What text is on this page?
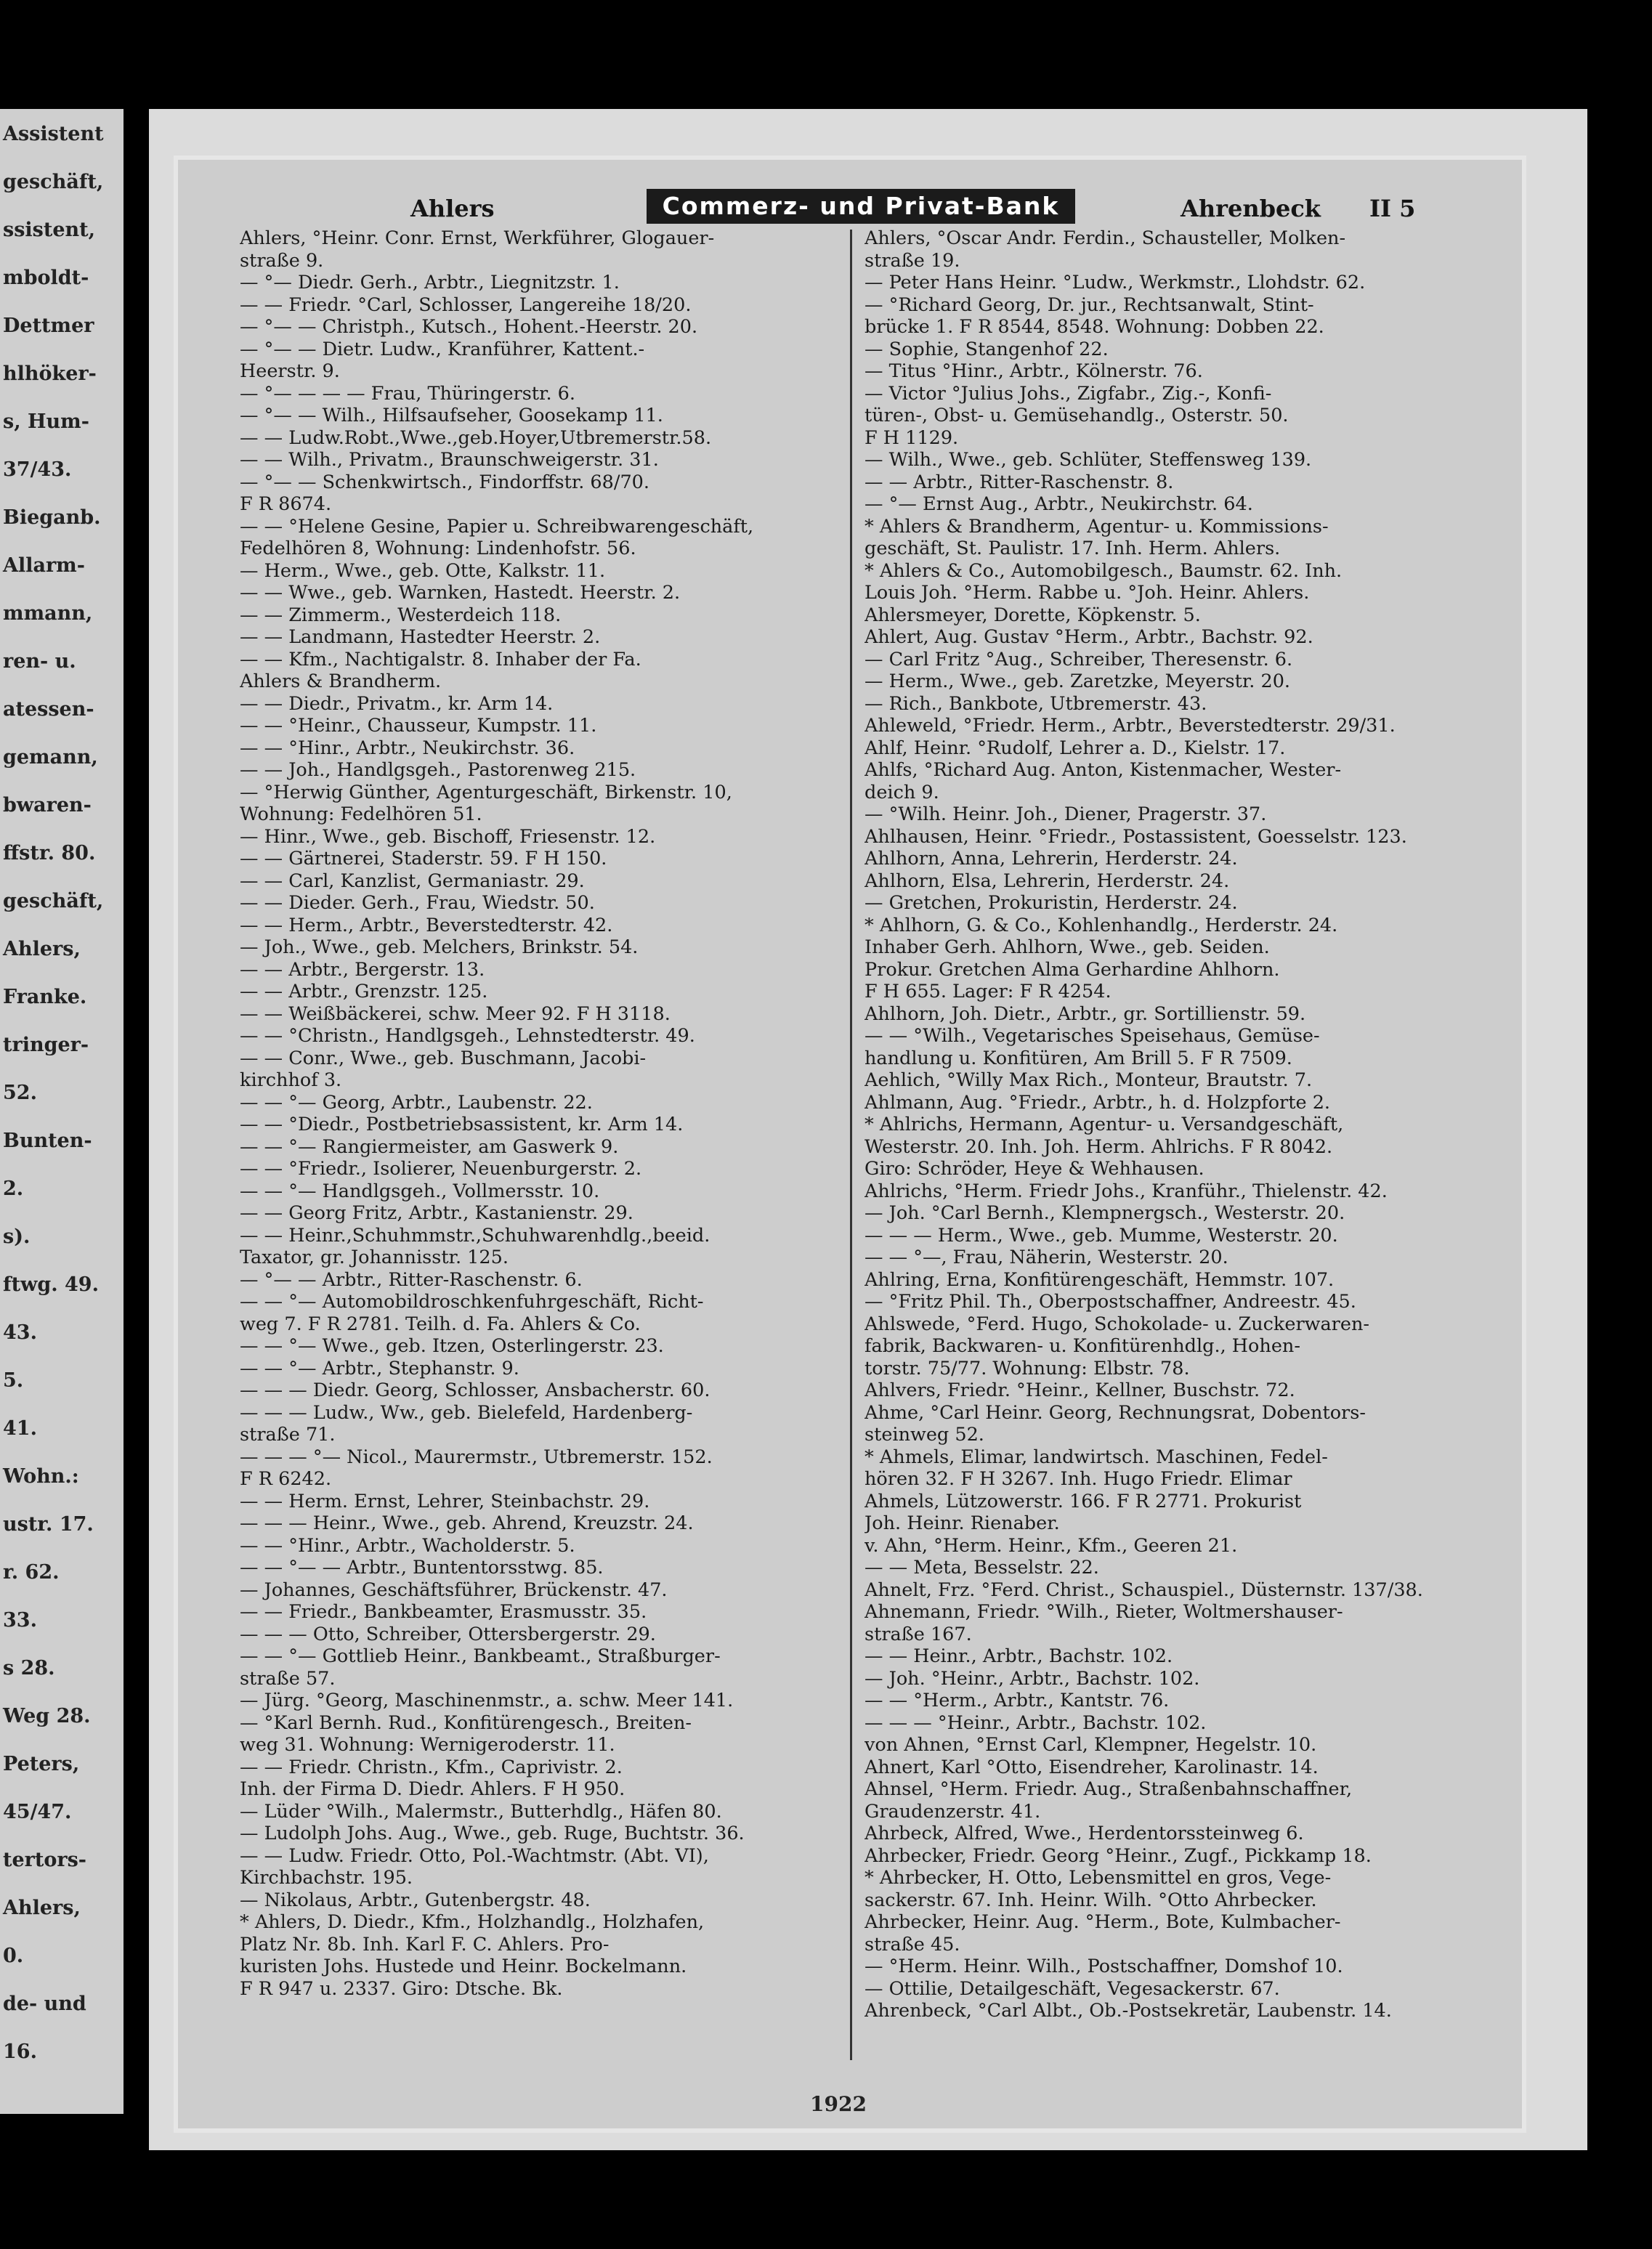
Assistent
geschäft,
ssistent,
mboldt-
Dettmer
hlhöker-
s, Hum-
37/43.
Bieganb.
Allarm-
mmann,
ren- u.
atessen-
gemann,
bwaren-
ffstr. 80.
geschäft,
Ahlers,
Franke.
tringer-
52.
Bunten-
2.
s).
ftwg. 49.
43.
5.
41.
Wohn.:
ustr. 17.
r. 62.
33.
s 28.
Weg 28.
Peters,
45/47.
tertors-
Ahlers,
0.
de- und
16.
Ahlers	Commerz- und Privat-Bank	Ahrenbeck II 5
Ahlers, °Heinr. Conr. Ernst, Werkführer, Glogauer-
straße 9.
— °— Diedr. Gerh., Arbtr., Liegnitzstr. 1.
— — Friedr. °Carl, Schlosser, Langereihe 18/20.
— °— — Christph., Kutsch., Hohent.-Heerstr. 20.
— °— — Dietr. Ludw., Kranführer, Kattent.-
Heerstr. 9.
— °— — — — Frau, Thüringerstr. 6.
— °— — Wilh., Hilfsaufseher, Goosekamp 11.
— — Ludw.Robt.,Wwe.,geb.Hoyer,Utbremerstr.58.
— — Wilh., Privatm., Braunschweigerstr. 31.
— °— — Schenkwirtsch., Findorffstr. 68/70.
F R 8674.
— — °Helene Gesine, Papier u. Schreibwarengeschäft,
Fedelhören 8, Wohnung: Lindenhofstr. 56.
— Herm., Wwe., geb. Otte, Kalkstr. 11.
— — Wwe., geb. Warnken, Hastedt. Heerstr. 2.
— — Zimmerm., Westerdeich 118.
— — Landmann, Hastedter Heerstr. 2.
— — Kfm., Nachtigalstr. 8. Inhaber der Fa.
Ahlers & Brandherm.
— — Diedr., Privatm., kr. Arm 14.
— — °Heinr., Chausseur, Kumpstr. 11.
— — °Hinr., Arbtr., Neukirchstr. 36.
— — Joh., Handlgsgeh., Pastorenweg 215.
— °Herwig Günther, Agenturgeschäft, Birkenstr. 10,
Wohnung: Fedelhören 51.
— Hinr., Wwe., geb. Bischoff, Friesenstr. 12.
— — Gärtnerei, Staderstr. 59. F H 150.
— — Carl, Kanzlist, Germaniastr. 29.
— — Dieder. Gerh., Frau, Wiedstr. 50.
— — Herm., Arbtr., Beverstedterstr. 42.
— Joh., Wwe., geb. Melchers, Brinkstr. 54.
— — Arbtr., Bergerstr. 13.
— — Arbtr., Grenzstr. 125.
— — Weißbäckerei, schw. Meer 92. F H 3118.
— — °Christn., Handlgsgeh., Lehnstedterstr. 49.
— — Conr., Wwe., geb. Buschmann, Jacobi-
kirchhof 3.
— — °— Georg, Arbtr., Laubenstr. 22.
— — °Diedr., Postbetriebsassistent, kr. Arm 14.
— — °— Rangiermeister, am Gaswerk 9.
— — °Friedr., Isolierer, Neuenburgerstr. 2.
— — °— Handlgsgeh., Vollmersstr. 10.
— — Georg Fritz, Arbtr., Kastanienstr. 29.
— — Heinr.,Schuhmmstr.,Schuhwarenhdlg.,beeid.
Taxator, gr. Johannisstr. 125.
— °— — Arbtr., Ritter-Raschenstr. 6.
— — °— Automobildroschkenfuhrgeschäft, Richt-
weg 7. F R 2781. Teilh. d. Fa. Ahlers & Co.
— — °— Wwe., geb. Itzen, Osterlingerstr. 23.
— — °— Arbtr., Stephanstr. 9.
— — — Diedr. Georg, Schlosser, Ansbacherstr. 60.
— — — Ludw., Ww., geb. Bielefeld, Hardenberg-
straße 71.
— — — °— Nicol., Maurermstr., Utbremerstr. 152.
F R 6242.
— — Herm. Ernst, Lehrer, Steinbachstr. 29.
— — — Heinr., Wwe., geb. Ahrend, Kreuzstr. 24.
— — °Hinr., Arbtr., Wacholderstr. 5.
— — °— — Arbtr., Buntentorsstwg. 85.
— Johannes, Geschäftsführer, Brückenstr. 47.
— — Friedr., Bankbeamter, Erasmusstr. 35.
— — — Otto, Schreiber, Ottersbergerstr. 29.
— — °— Gottlieb Heinr., Bankbeamt., Straßburger-
straße 57.
— Jürg. °Georg, Maschinenmstr., a. schw. Meer 141.
— °Karl Bernh. Rud., Konfitürengesch., Breiten-
weg 31. Wohnung: Wernigeroderstr. 11.
— — Friedr. Christn., Kfm., Caprivistr. 2.
Inh. der Firma D. Diedr. Ahlers. F H 950.
— Lüder °Wilh., Malermstr., Butterhdlg., Häfen 80.
— Ludolph Johs. Aug., Wwe., geb. Ruge, Buchtstr. 36.
— — Ludw. Friedr. Otto, Pol.-Wachtmstr. (Abt. VI),
Kirchbachstr. 195.
— Nikolaus, Arbtr., Gutenbergstr. 48.
* Ahlers, D. Diedr., Kfm., Holzhandlg., Holzhafen,
Platz Nr. 8b. Inh. Karl F. C. Ahlers. Pro-
kuristen Johs. Hustede und Heinr. Bockelmann.
F R 947 u. 2337. Giro: Dtsche. Bk.
Ahlers, °Oscar Andr. Ferdin., Schausteller, Molken-
straße 19.
— Peter Hans Heinr. °Ludw., Werkmstr., Llohdstr. 62.
— °Richard Georg, Dr. jur., Rechtsanwalt, Stint-
brücke 1. F R 8544, 8548. Wohnung: Dobben 22.
— Sophie, Stangenhof 22.
— Titus °Hinr., Arbtr., Kölnerstr. 76.
— Victor °Julius Johs., Zigfabr., Zig.-, Konfi-
türen-, Obst- u. Gemüsehandlg., Osterstr. 50.
F H 1129.
— Wilh., Wwe., geb. Schlüter, Steffensweg 139.
— — Arbtr., Ritter-Raschenstr. 8.
— °— Ernst Aug., Arbtr., Neukirchstr. 64.
* Ahlers & Brandherm, Agentur- u. Kommissions-
geschäft, St. Paulistr. 17. Inh. Herm. Ahlers.
* Ahlers & Co., Automobilgesch., Baumstr. 62. Inh.
Louis Joh. °Herm. Rabbe u. °Joh. Heinr. Ahlers.
Ahlersmeyer, Dorette, Köpkenstr. 5.
Ahlert, Aug. Gustav °Herm., Arbtr., Bachstr. 92.
— Carl Fritz °Aug., Schreiber, Theresenstr. 6.
— Herm., Wwe., geb. Zaretzke, Meyerstr. 20.
— Rich., Bankbote, Utbremerstr. 43.
Ahleweld, °Friedr. Herm., Arbtr., Beverstedterstr. 29/31.
Ahlf, Heinr. °Rudolf, Lehrer a. D., Kielstr. 17.
Ahlfs, °Richard Aug. Anton, Kistenmacher, Wester-
deich 9.
— °Wilh. Heinr. Joh., Diener, Pragerstr. 37.
Ahlhausen, Heinr. °Friedr., Postassistent, Goesselstr. 123.
Ahlhorn, Anna, Lehrerin, Herderstr. 24.
Ahlhorn, Elsa, Lehrerin, Herderstr. 24.
— Gretchen, Prokuristin, Herderstr. 24.
* Ahlhorn, G. & Co., Kohlenhandlg., Herderstr. 24.
Inhaber Gerh. Ahlhorn, Wwe., geb. Seiden.
Prokur. Gretchen Alma Gerhardine Ahlhorn.
F H 655. Lager: F R 4254.
Ahlhorn, Joh. Dietr., Arbtr., gr. Sortillienstr. 59.
— — °Wilh., Vegetarisches Speisehaus, Gemüse-
handlung u. Konfitüren, Am Brill 5. F R 7509.
Aehlich, °Willy Max Rich., Monteur, Brautstr. 7.
Ahlmann, Aug. °Friedr., Arbtr., h. d. Holzpforte 2.
* Ahlrichs, Hermann, Agentur- u. Versandgeschäft,
Westerstr. 20. Inh. Joh. Herm. Ahlrichs. F R 8042.
Giro: Schröder, Heye & Wehhausen.
Ahlrichs, °Herm. Friedr Johs., Kranführ., Thielenstr. 42.
— Joh. °Carl Bernh., Klempnergsch., Westerstr. 20.
— — — Herm., Wwe., geb. Mumme, Westerstr. 20.
— — °—, Frau, Näherin, Westerstr. 20.
Ahlring, Erna, Konfitürengeschäft, Hemmstr. 107.
— °Fritz Phil. Th., Oberpostschaffner, Andreestr. 45.
Ahlswede, °Ferd. Hugo, Schokolade- u. Zuckerwaren-
fabrik, Backwaren- u. Konfitürenhdlg., Hohen-
torstr. 75/77. Wohnung: Elbstr. 78.
Ahlvers, Friedr. °Heinr., Kellner, Buschstr. 72.
Ahme, °Carl Heinr. Georg, Rechnungsrat, Dobentors-
steinweg 52.
* Ahmels, Elimar, landwirtsch. Maschinen, Fedel-
hören 32. F H 3267. Inh. Hugo Friedr. Elimar
Ahmels, Lützowerstr. 166. F R 2771. Prokurist
Joh. Heinr. Rienaber.
v. Ahn, °Herm. Heinr., Kfm., Geeren 21.
— — Meta, Besselstr. 22.
Ahnelt, Frz. °Ferd. Christ., Schauspiel., Düsternstr. 137/38.
Ahnemann, Friedr. °Wilh., Rieter, Woltmershauser-
straße 167.
— — Heinr., Arbtr., Bachstr. 102.
— Joh. °Heinr., Arbtr., Bachstr. 102.
— — °Herm., Arbtr., Kantstr. 76.
— — — °Heinr., Arbtr., Bachstr. 102.
von Ahnen, °Ernst Carl, Klempner, Hegelstr. 10.
Ahnert, Karl °Otto, Eisendreher, Karolinastr. 14.
Ahnsel, °Herm. Friedr. Aug., Straßenbahnschaffner,
Graudenzerstr. 41.
Ahrbeck, Alfred, Wwe., Herdentorssteinweg 6.
Ahrbecker, Friedr. Georg °Heinr., Zugf., Pickkamp 18.
* Ahrbecker, H. Otto, Lebensmittel en gros, Vege-
sackerstr. 67. Inh. Heinr. Wilh. °Otto Ahrbecker.
Ahrbecker, Heinr. Aug. °Herm., Bote, Kulmbacher-
straße 45.
— °Herm. Heinr. Wilh., Postschaffner, Domshof 10.
— Ottilie, Detailgeschäft, Vegesackerstr. 67.
Ahrenbeck, °Carl Albt., Ob.-Postsekretär, Laubenstr. 14.
1922
